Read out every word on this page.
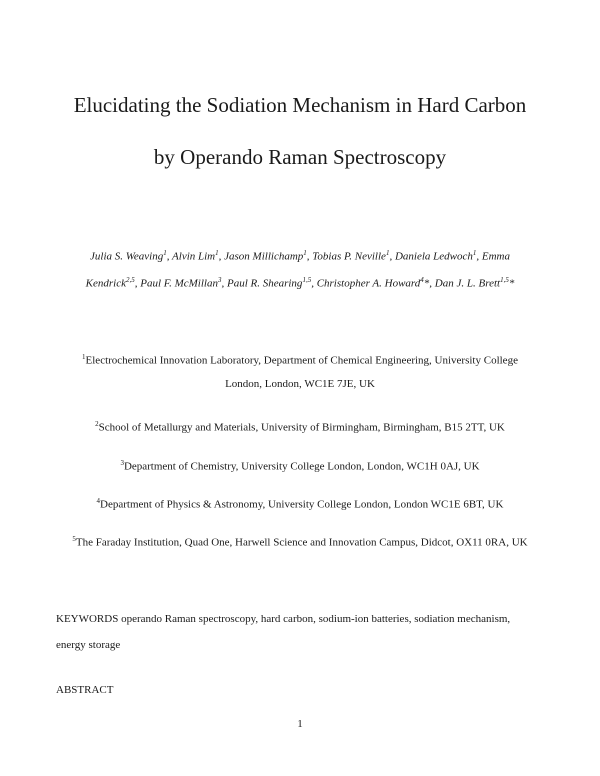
Elucidating the Sodiation Mechanism in Hard Carbon
by Operando Raman Spectroscopy
Julia S. Weaving$^1$, Alvin Lim$^1$, Jason Millichamp$^1$, Tobias P. Neville$^1$, Daniela Ledwoch$^1$, Emma
Kendrick$^{2,5}$, Paul F. McMillan$^3$, Paul R. Shearing$^{1,5}$, Christopher A. Howard$^4$*, Dan J. L. Brett$^{1,5}$*
$^1$Electrochemical Innovation Laboratory, Department of Chemical Engineering, University College
London, London, WC1E 7JE, UK
$^2$School of Metallurgy and Materials, University of Birmingham, Birmingham, B15 2TT, UK
$^3$Department of Chemistry, University College London, London, WC1H 0AJ, UK
$^4$Department of Physics & Astronomy, University College London, London WC1E 6BT, UK
$^5$The Faraday Institution, Quad One, Harwell Science and Innovation Campus, Didcot, OX11 0RA, UK
KEYWORDS operando Raman spectroscopy, hard carbon, sodium-ion batteries, sodiation mechanism,
energy storage
ABSTRACT
1
